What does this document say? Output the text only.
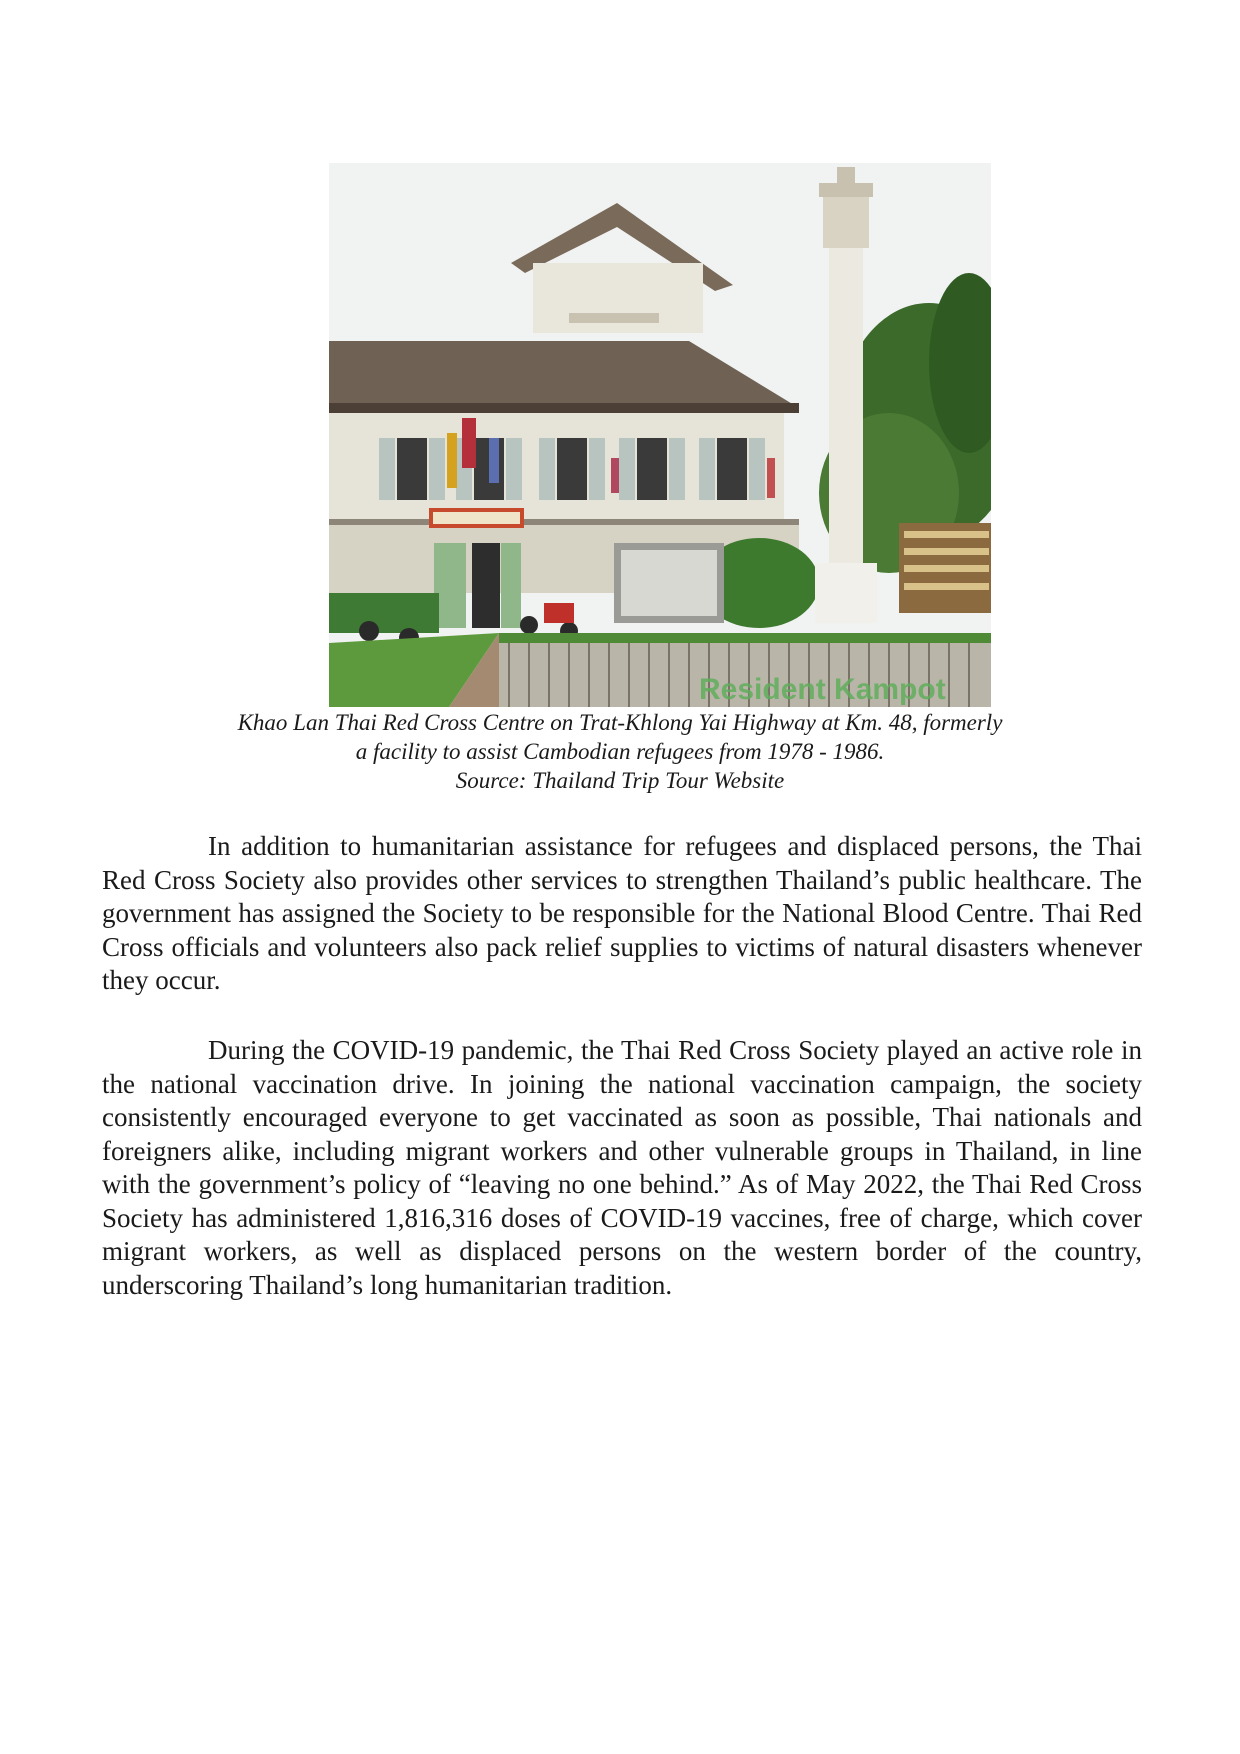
Resident Kampot
Khao Lan Thai Red Cross Centre on Trat-Khlong Yai Highway at Km. 48, formerly
a facility to assist Cambodian refugees from 1978 - 1986.
Source: Thailand Trip Tour Website

In addition to humanitarian assistance for refugees and displaced persons, the Thai Red Cross Society also provides other services to strengthen Thailand’s public healthcare. The government has assigned the Society to be responsible for the National Blood Centre. Thai Red Cross officials and volunteers also pack relief supplies to victims of natural disasters whenever they occur.

During the COVID-19 pandemic, the Thai Red Cross Society played an active role in the national vaccination drive. In joining the national vaccination campaign, the society consistently encouraged everyone to get vaccinated as soon as possible, Thai nationals and foreigners alike, including migrant workers and other vulnerable groups in Thailand, in line with the government’s policy of “leaving no one behind.” As of May 2022, the Thai Red Cross Society has administered 1,816,316 doses of COVID-19 vaccines, free of charge, which cover migrant workers, as well as displaced persons on the western border of the country, underscoring Thailand’s long humanitarian tradition.
